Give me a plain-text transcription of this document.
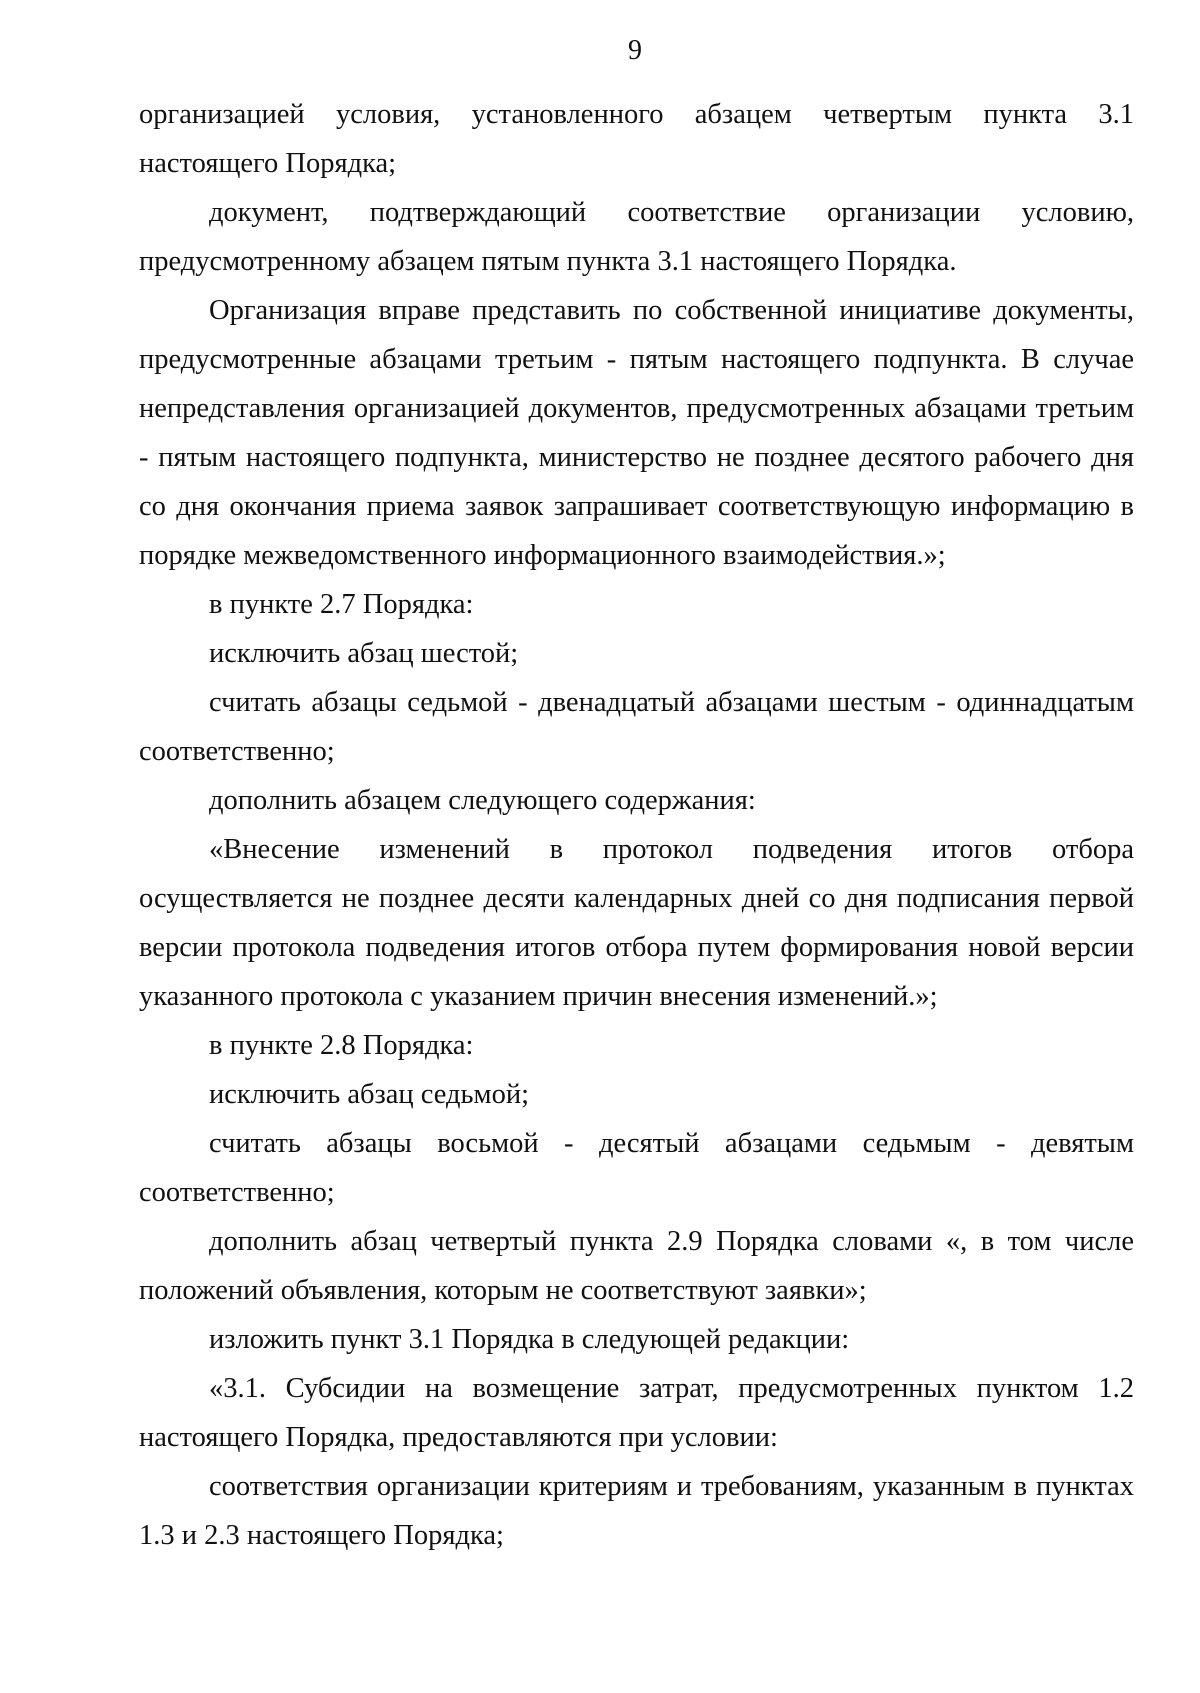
9

организацией условия, установленного абзацем четвертым пункта 3.1 настоящего Порядка;

документ, подтверждающий соответствие организации условию, предусмотренному абзацем пятым пункта 3.1 настоящего Порядка.

Организация вправе представить по собственной инициативе документы, предусмотренные абзацами третьим - пятым настоящего подпункта. В случае непредставления организацией документов, предусмотренных абзацами третьим - пятым настоящего подпункта, министерство не позднее десятого рабочего дня со дня окончания приема заявок запрашивает соответствующую информацию в порядке межведомственного информационного взаимодействия.»;

в пункте 2.7 Порядка:

исключить абзац шестой;

считать абзацы седьмой - двенадцатый абзацами шестым - одиннадцатым соответственно;

дополнить абзацем следующего содержания:

«Внесение изменений в протокол подведения итогов отбора осуществляется не позднее десяти календарных дней со дня подписания первой версии протокола подведения итогов отбора путем формирования новой версии указанного протокола с указанием причин внесения изменений.»;

в пункте 2.8 Порядка:

исключить абзац седьмой;

считать абзацы восьмой - десятый абзацами седьмым - девятым соответственно;

дополнить абзац четвертый пункта 2.9 Порядка словами «, в том числе положений объявления, которым не соответствуют заявки»;

изложить пункт 3.1 Порядка в следующей редакции:

«3.1. Субсидии на возмещение затрат, предусмотренных пунктом 1.2 настоящего Порядка, предоставляются при условии:

соответствия организации критериям и требованиям, указанным в пунктах 1.3 и 2.3 настоящего Порядка;
